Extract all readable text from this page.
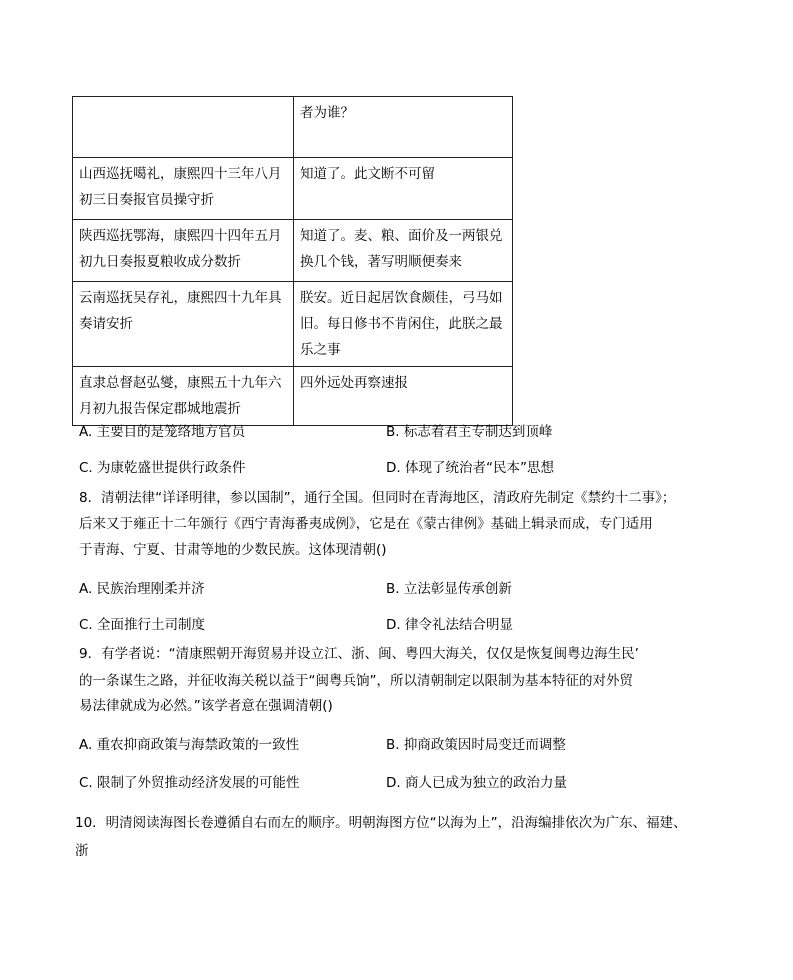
	者为谁？
山西巡抚噶礼，康熙四十三年八月初三日奏报官员操守折	知道了。此文断不可留
陕西巡抚鄂海，康熙四十四年五月初九日奏报夏粮收成分数折	知道了。麦、粮、面价及一两银兑换几个钱，著写明顺便奏来
云南巡抚吴存礼，康熙四十九年具奏请安折	朕安。近日起居饮食颇佳，弓马如旧。每日修书不肯闲住，此朕之最乐之事
直隶总督赵弘燮，康熙五十九年六月初九报告保定郡城地震折	四外远处再察速报
A. 主要目的是笼络地方官员	B. 标志着君主专制达到顶峰
C. 为康乾盛世提供行政条件	D. 体现了统治者“民本”思想
8．清朝法律“详译明律，参以国制”，通行全国。但同时在青海地区，清政府先制定《禁约十二事》；
后来又于雍正十二年颁行《西宁青海番夷成例》，它是在《蒙古律例》基础上辑录而成，专门适用
于青海、宁夏、甘肃等地的少数民族。这体现清朝()
A. 民族治理刚柔并济	B. 立法彰显传承创新
C. 全面推行土司制度	D. 律令礼法结合明显
9．有学者说：“清康熙朝开海贸易并设立江、浙、闽、粤四大海关，仅仅是恢复闽粤边海生民’
的一条谋生之路，并征收海关税以益于“闽粤兵饷”，所以清朝制定以限制为基本特征的对外贸
易法律就成为必然。”该学者意在强调清朝()
A. 重农抑商政策与海禁政策的一致性	B. 抑商政策因时局变迁而调整
C. 限制了外贸推动经济发展的可能性	D. 商人已成为独立的政治力量
10．明清阅读海图长卷遵循自右而左的顺序。明朝海图方位“以海为上”，沿海编排依次为广东、福建、
浙
